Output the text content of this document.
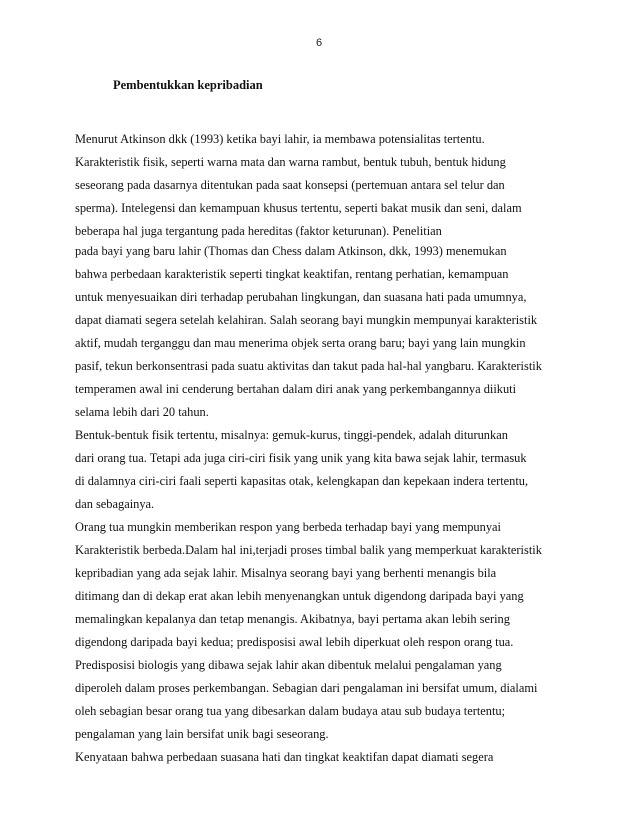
6
Pembentukkan kepribadian
Menurut Atkinson dkk (1993) ketika bayi lahir, ia membawa potensialitas tertentu.
Karakteristik fisik, seperti warna mata dan warna rambut, bentuk tubuh, bentuk hidung
seseorang pada dasarnya ditentukan pada saat konsepsi (pertemuan antara sel telur dan
sperma). Intelegensi dan kemampuan khusus tertentu, seperti bakat musik dan seni, dalam
beberapa hal juga tergantung pada hereditas (faktor keturunan). Penelitian
pada bayi yang baru lahir (Thomas dan Chess dalam Atkinson, dkk, 1993) menemukan
bahwa perbedaan karakteristik seperti tingkat keaktifan, rentang perhatian, kemampuan
untuk menyesuaikan diri terhadap perubahan lingkungan, dan suasana hati pada umumnya,
dapat diamati segera setelah kelahiran. Salah seorang bayi mungkin mempunyai karakteristik
aktif, mudah terganggu dan mau menerima objek serta orang baru; bayi yang lain mungkin
pasif, tekun berkonsentrasi pada suatu aktivitas dan takut pada hal-hal yangbaru. Karakteristik
temperamen awal ini cenderung bertahan dalam diri anak yang perkembangannya diikuti
selama lebih dari 20 tahun.
Bentuk-bentuk fisik tertentu, misalnya: gemuk-kurus, tinggi-pendek, adalah diturunkan
dari orang tua. Tetapi ada juga ciri-ciri fisik yang unik yang kita bawa sejak lahir, termasuk
di dalamnya ciri-ciri faali seperti kapasitas otak, kelengkapan dan kepekaan indera tertentu,
dan sebagainya.
Orang tua mungkin memberikan respon yang berbeda terhadap bayi yang mempunyai
Karakteristik berbeda.Dalam hal ini,terjadi proses timbal balik yang memperkuat karakteristik
kepribadian yang ada sejak lahir. Misalnya seorang bayi yang berhenti menangis bila
ditimang dan di dekap erat akan lebih menyenangkan untuk digendong daripada bayi yang
memalingkan kepalanya dan tetap menangis. Akibatnya, bayi pertama akan lebih sering
digendong daripada bayi kedua; predisposisi awal lebih diperkuat oleh respon orang tua.
Predisposisi biologis yang dibawa sejak lahir akan dibentuk melalui pengalaman yang
diperoleh dalam proses perkembangan. Sebagian dari pengalaman ini bersifat umum, dialami
oleh sebagian besar orang tua yang dibesarkan dalam budaya atau sub budaya tertentu;
pengalaman yang lain bersifat unik bagi seseorang.
Kenyataan bahwa perbedaan suasana hati dan tingkat keaktifan dapat diamati segera
